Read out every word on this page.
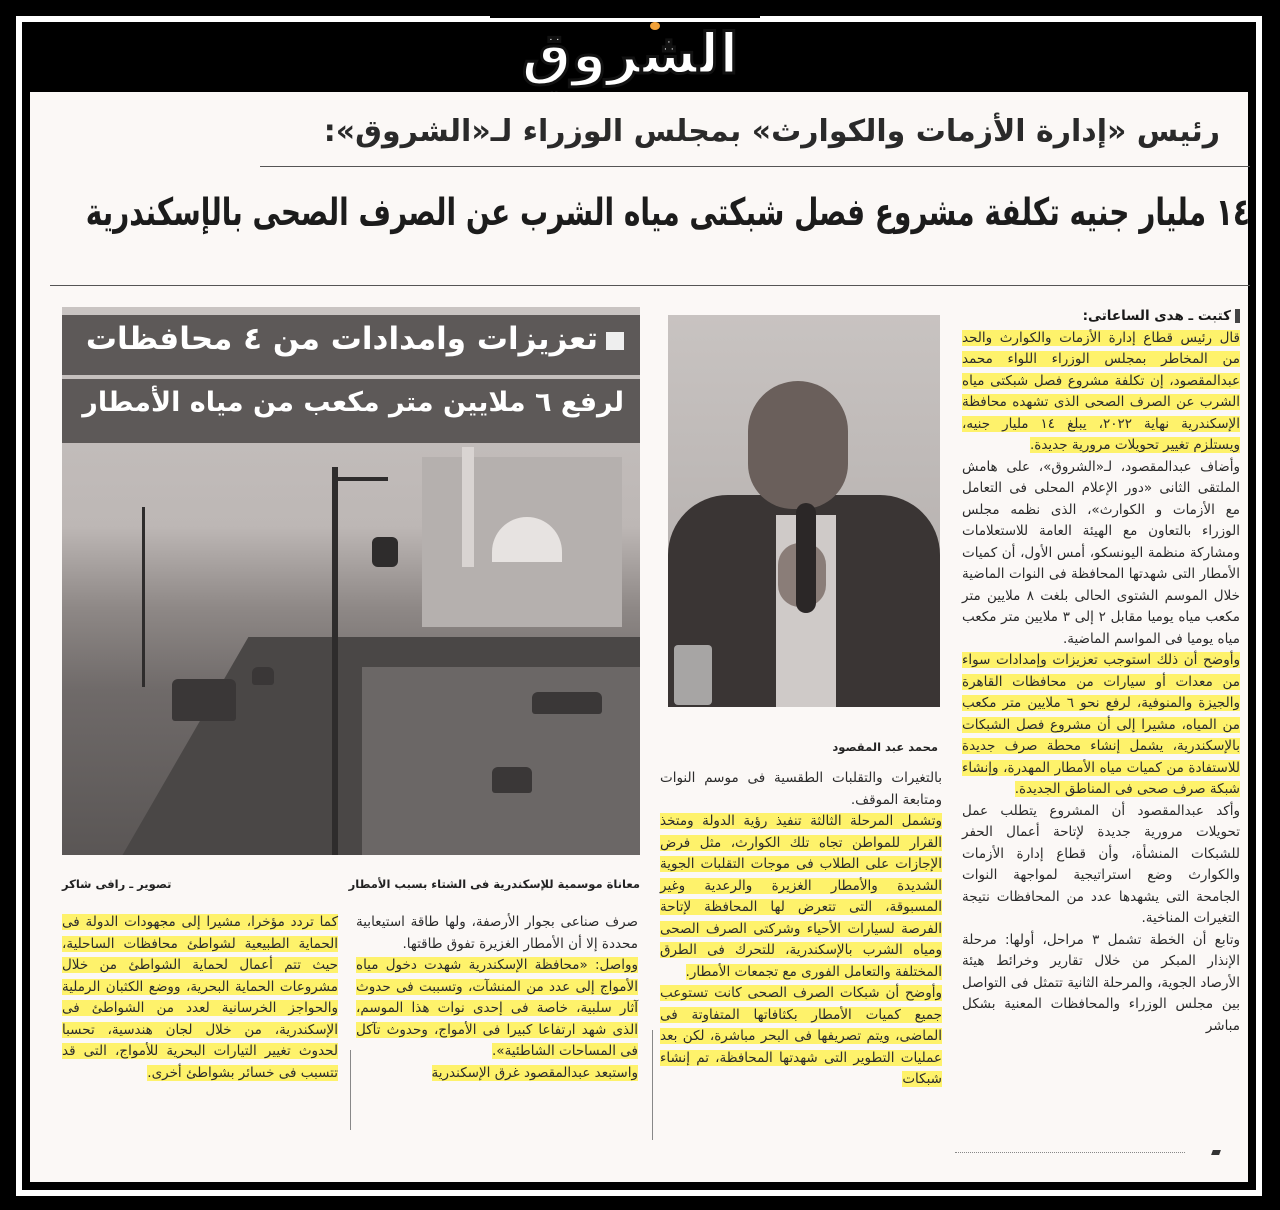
الشروق
رئيس «إدارة الأزمات والكوارث» بمجلس الوزراء لـ«الشروق»:
١٤ مليار جنيه تكلفة مشروع فصل شبكتى مياه الشرب عن الصرف الصحى بالإسكندرية
تعزيزات وامدادات من ٤ محافظات
لرفع ٦ ملايين متر مكعب من مياه الأمطار
محمد عبد المقصود
معاناة موسمية للإسكندرية فى الشتاء بسبب الأمطار
تصوير ـ رافى شاكر

كتبت ـ هدى الساعاتى:

قال رئيس قطاع إدارة الأزمات والكوارث والحد من المخاطر بمجلس الوزراء اللواء محمد عبدالمقصود، إن تكلفة مشروع فصل شبكتى مياه الشرب عن الصرف الصحى الذى تشهده محافظة الإسكندرية نهاية ٢٠٢٢، يبلغ ١٤ مليار جنيه، ويستلزم تغيير تحويلات مرورية جديدة.

وأضاف عبدالمقصود، لـ«الشروق»، على هامش الملتقى الثانى «دور الإعلام المحلى فى التعامل مع الأزمات و الكوارث»، الذى نظمه مجلس الوزراء بالتعاون مع الهيئة العامة للاستعلامات ومشاركة منظمة اليونسكو، أمس الأول، أن كميات الأمطار التى شهدتها المحافظة فى النوات الماضية خلال الموسم الشتوى الحالى بلغت ٨ ملايين متر مكعب مياه يوميا مقابل ٢ إلى ٣ ملايين متر مكعب مياه يوميا فى المواسم الماضية.

وأوضح أن ذلك استوجب تعزيزات وإمدادات سواء من معدات أو سيارات من محافظات القاهرة والجيزة والمنوفية، لرفع نحو ٦ ملايين متر مكعب من المياه، مشيرا إلى أن مشروع فصل الشبكات بالإسكندرية، يشمل إنشاء محطة صرف جديدة للاستفادة من كميات مياه الأمطار المهدرة، وإنشاء شبكة صرف صحى فى المناطق الجديدة.

وأكد عبدالمقصود أن المشروع يتطلب عمل تحويلات مرورية جديدة لإتاحة أعمال الحفر للشبكات المنشأة، وأن قطاع إدارة الأزمات والكوارث وضع استراتيجية لمواجهة النوات الجامحة التى يشهدها عدد من المحافظات نتيجة التغيرات المناخية.

وتابع أن الخطة تشمل ٣ مراحل، أولها: مرحلة الإنذار المبكر من خلال تقارير وخرائط هيئة الأرصاد الجوية، والمرحلة الثانية تتمثل فى التواصل بين مجلس الوزراء والمحافظات المعنية بشكل مباشر

بالتغيرات والتقلبات الطقسية فى موسم النوات ومتابعة الموقف.

وتشمل المرحلة الثالثة تنفيذ رؤية الدولة ومتخذ القرار للمواطن تجاه تلك الكوارث، مثل فرض الإجازات على الطلاب فى موجات التقلبات الجوية الشديدة والأمطار الغزيرة والرعدية وغير المسبوقة، التى تتعرض لها المحافظة لإتاحة الفرصة لسيارات الأحياء وشركتى الصرف الصحى ومياه الشرب بالإسكندرية، للتحرك فى الطرق المختلفة والتعامل الفورى مع تجمعات الأمطار.

وأوضح أن شبكات الصرف الصحى كانت تستوعب جميع كميات الأمطار بكثافاتها المتفاوتة فى الماضى، ويتم تصريفها فى البحر مباشرة، لكن بعد عمليات التطوير التى شهدتها المحافظة، تم إنشاء شبكات

صرف صناعى بجوار الأرصفة، ولها طاقة استيعابية محددة إلا أن الأمطار الغزيرة تفوق طاقتها.

وواصل: «محافظة الإسكندرية شهدت دخول مياه الأمواج إلى عدد من المنشآت، وتسببت فى حدوث آثار سلبية، خاصة فى إحدى نوات هذا الموسم، الذى شهد ارتفاعا كبيرا فى الأمواج، وحدوث تآكل فى المساحات الشاطئية».

واستبعد عبدالمقصود غرق الإسكندرية

كما تردد مؤخرا، مشيرا إلى مجهودات الدولة فى الحماية الطبيعية لشواطئ محافظات الساحلية، حيث تتم أعمال لحماية الشواطئ من خلال مشروعات الحماية البحرية، ووضع الكثبان الرملية والحواجز الخرسانية لعدد من الشواطئ فى الإسكندرية، من خلال لجان هندسية، تحسبا لحدوث تغيير التيارات البحرية للأمواج، التى قد تتسبب فى خسائر بشواطئ أخرى.
